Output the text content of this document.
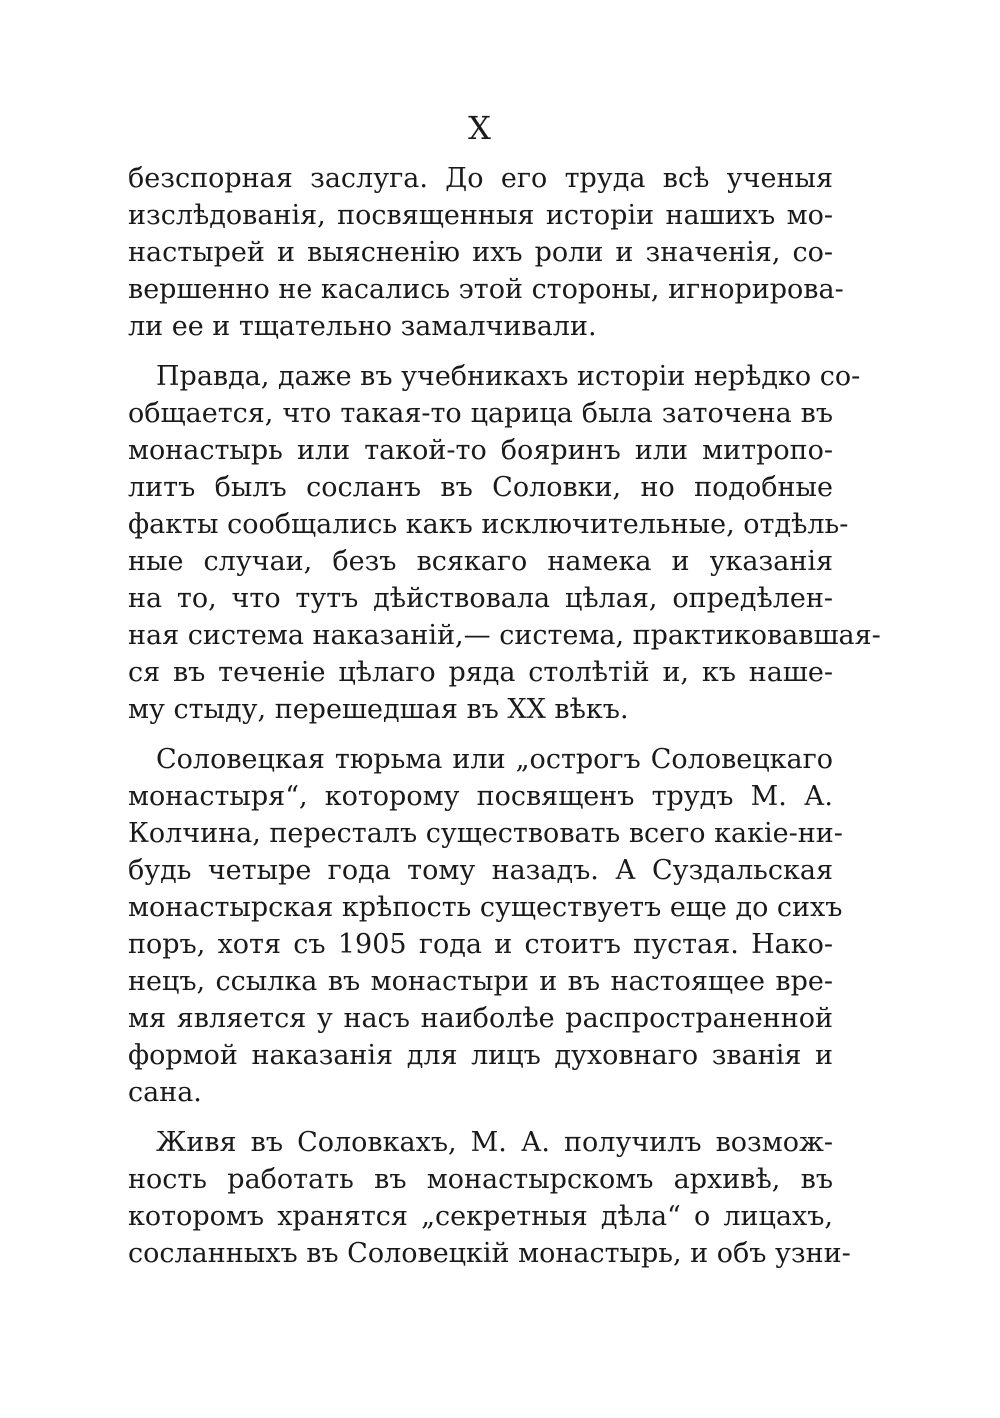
X
безспорная заслуга. До его труда всѣ ученыя
изслѣдованія, посвященныя исторіи нашихъ мо-
настырей и выясненію ихъ роли и значенія, со-
вершенно не касались этой стороны, игнорирова-
ли ее и тщательно замалчивали.
Правда, даже въ учебникахъ исторіи нерѣдко со-
общается, что такая-то царица была заточена въ
монастырь или такой-то бояринъ или митропо-
литъ былъ сосланъ въ Соловки, но подобные
факты сообщались какъ исключительные, отдѣль-
ные случаи, безъ всякаго намека и указанія
на то, что тутъ дѣйствовала цѣлая, опредѣлен-
ная система наказаній,— система, практиковавшая-
ся въ теченіе цѣлаго ряда столѣтій и, къ наше-
му стыду, перешедшая въ XX вѣкъ.
Соловецкая тюрьма или „острогъ Соловецкаго
монастыря“, которому посвященъ трудъ М. А.
Колчина, пересталъ существовать всего какіе-ни-
будь четыре года тому назадъ. А Суздальская
монастырская крѣпость существуетъ еще до сихъ
поръ, хотя съ 1905 года и стоитъ пустая. Нако-
нецъ, ссылка въ монастыри и въ настоящее вре-
мя является у насъ наиболѣе распространенной
формой наказанія для лицъ духовнаго званія и
сана.
Живя въ Соловкахъ, М. А. получилъ возмож-
ность работать въ монастырскомъ архивѣ, въ
которомъ хранятся „секретныя дѣла“ о лицахъ,
сосланныхъ въ Соловецкій монастырь, и объ узни-
